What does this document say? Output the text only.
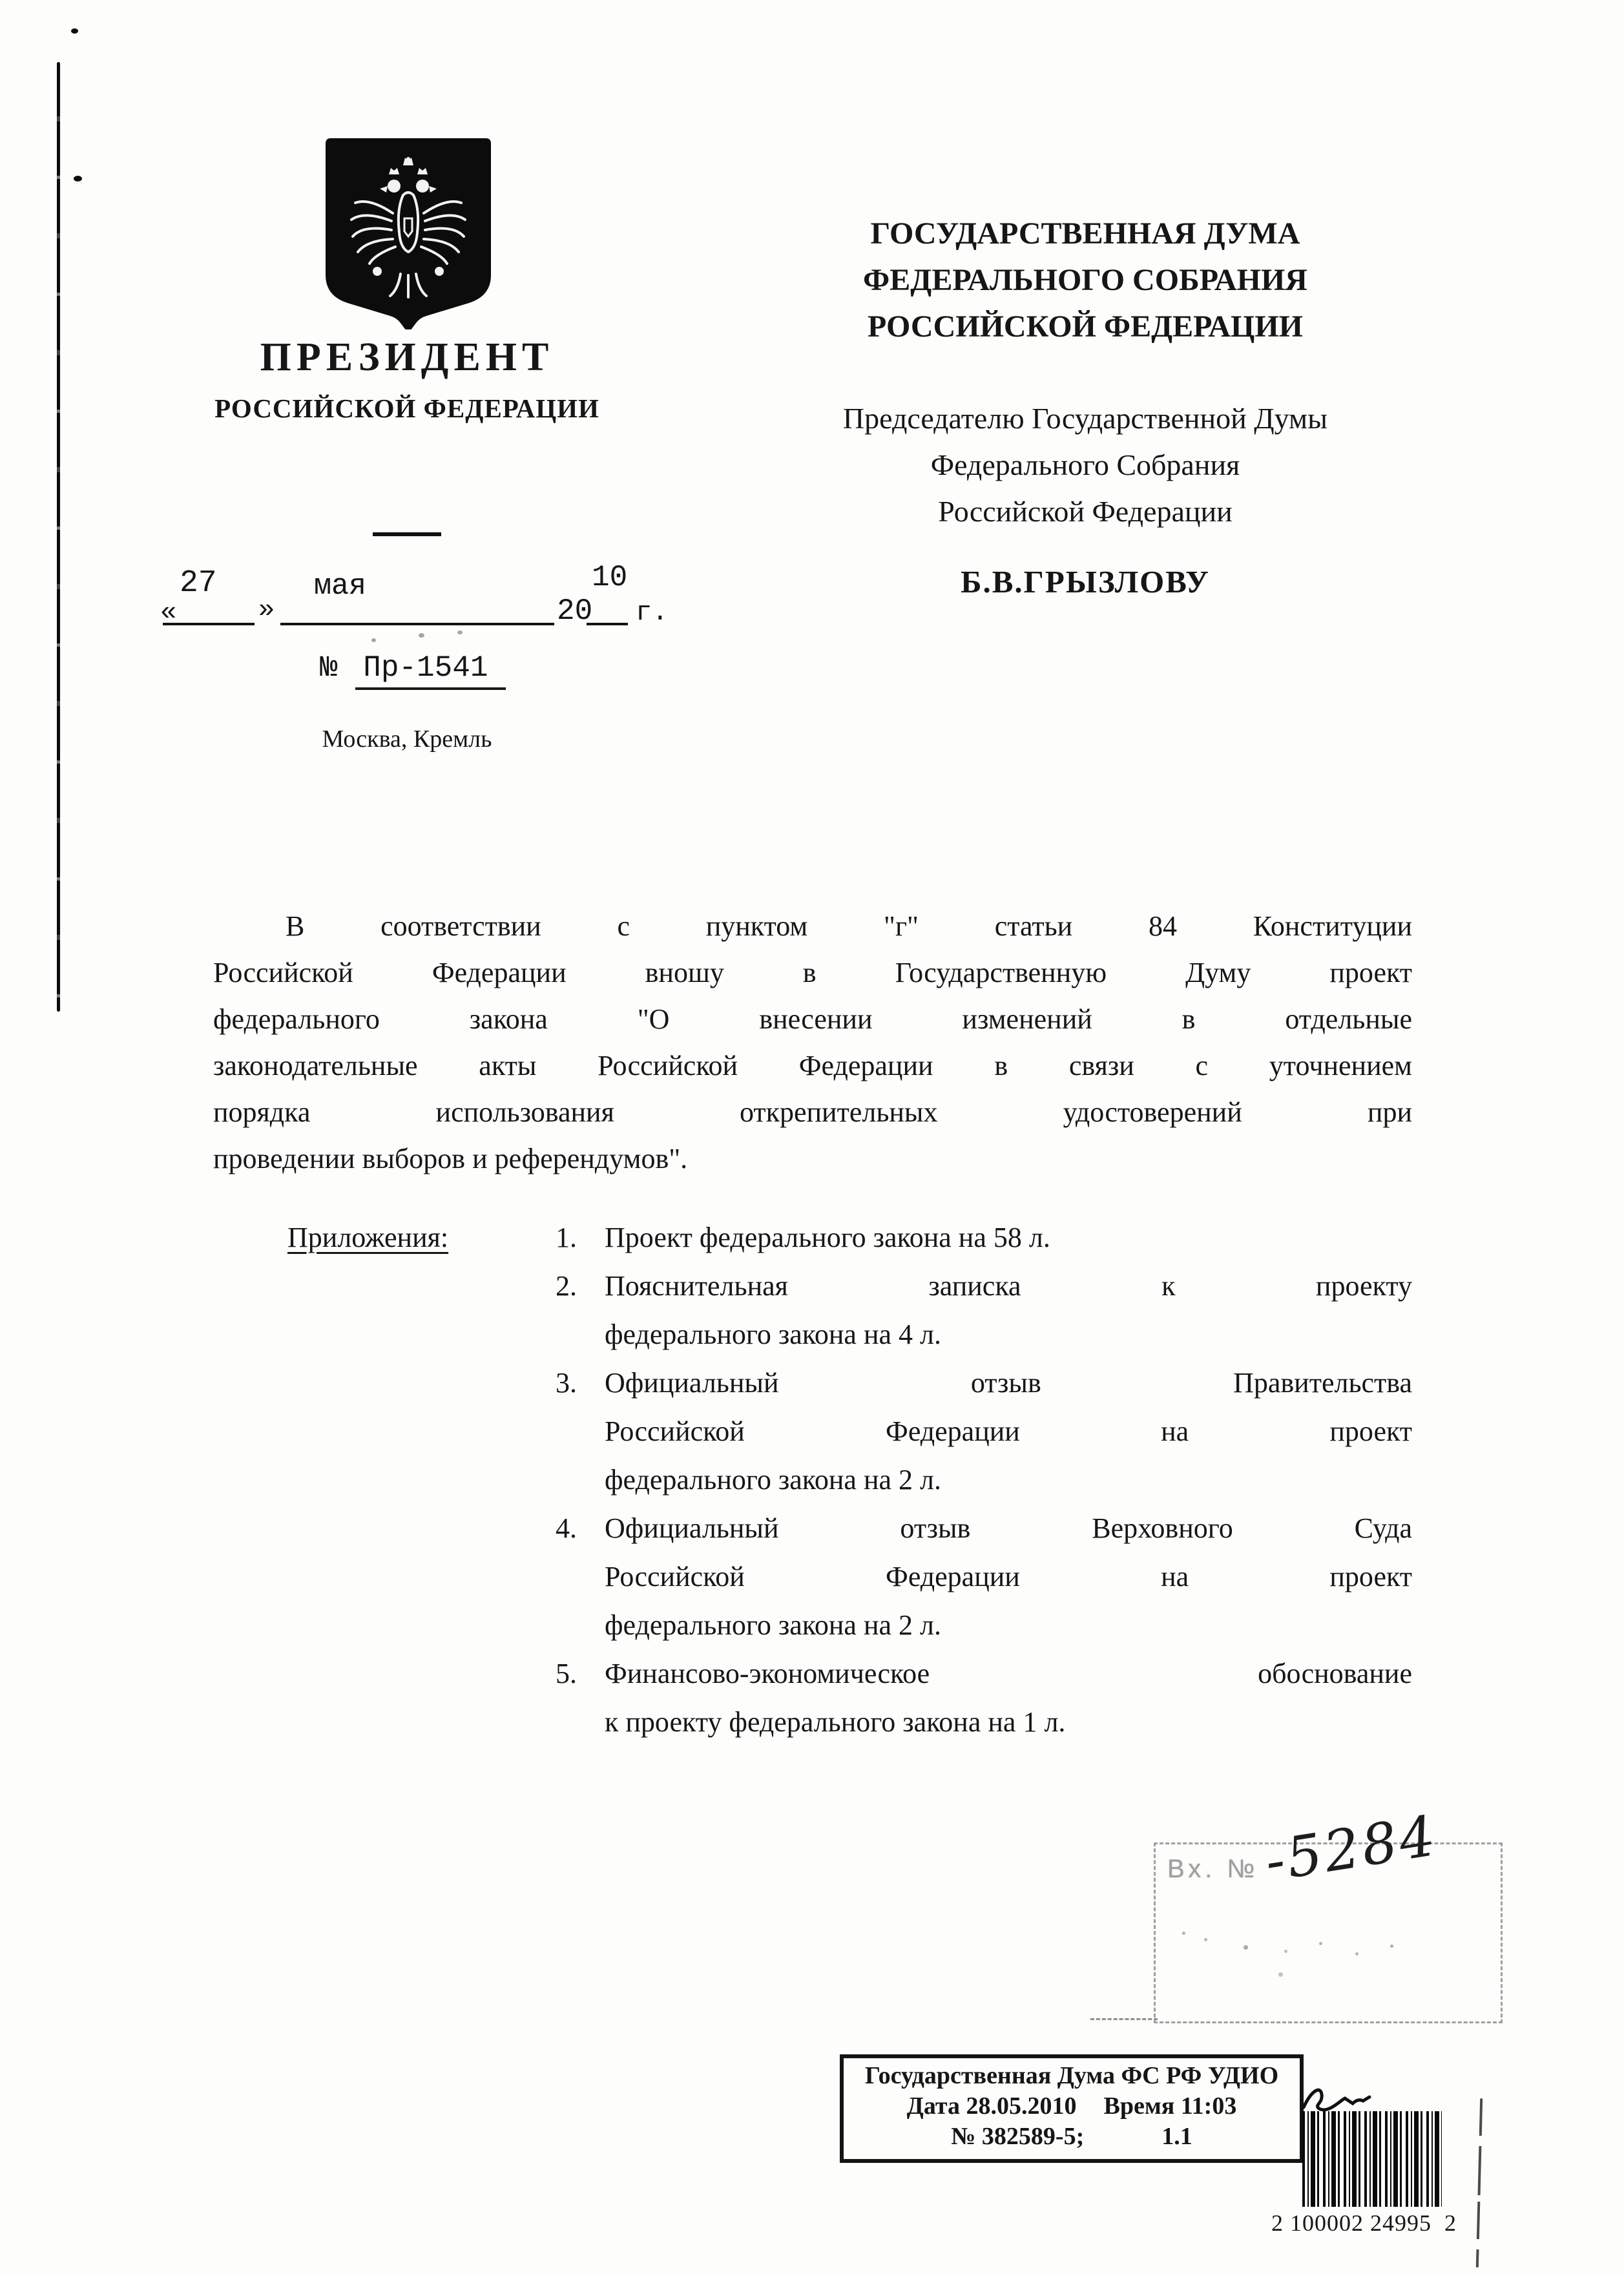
ПРЕЗИДЕНТ
РОССИЙСКОЙ ФЕДЕРАЦИИ
«
27
»
мая
20
10
г.
№ Пр-1541
Москва, Кремль
ГОСУДАРСТВЕННАЯ ДУМА
ФЕДЕРАЛЬНОГО СОБРАНИЯ
РОССИЙСКОЙ ФЕДЕРАЦИИ
Председателю Государственной Думы
Федерального Собрания
Российской Федерации
Б.В.ГРЫЗЛОВУ
В соответствии с пунктом "г" статьи 84 Конституции
Российской Федерации вношу в Государственную Думу проект
федерального закона "О внесении изменений в отдельные
законодательные акты Российской Федерации в связи с уточнением
порядка использования открепительных удостоверений при
проведении выборов и референдумов".
Приложения:	1. Проект федерального закона на 58 л.
2. Пояснительная записка к проекту
федерального закона на 4 л.
3. Официальный отзыв Правительства
Российской Федерации на проект
федерального закона на 2 л.
4. Официальный отзыв Верховного Суда
Российской Федерации на проект
федерального закона на 2 л.
5. Финансово-экономическое обоснование
к проекту федерального закона на 1 л.
Вх. № -5284
Государственная Дума ФС РФ УДИО
Дата 28.05.2010 Время 11:03
№ 382589-5;	1.1
2 100002 24995  2
